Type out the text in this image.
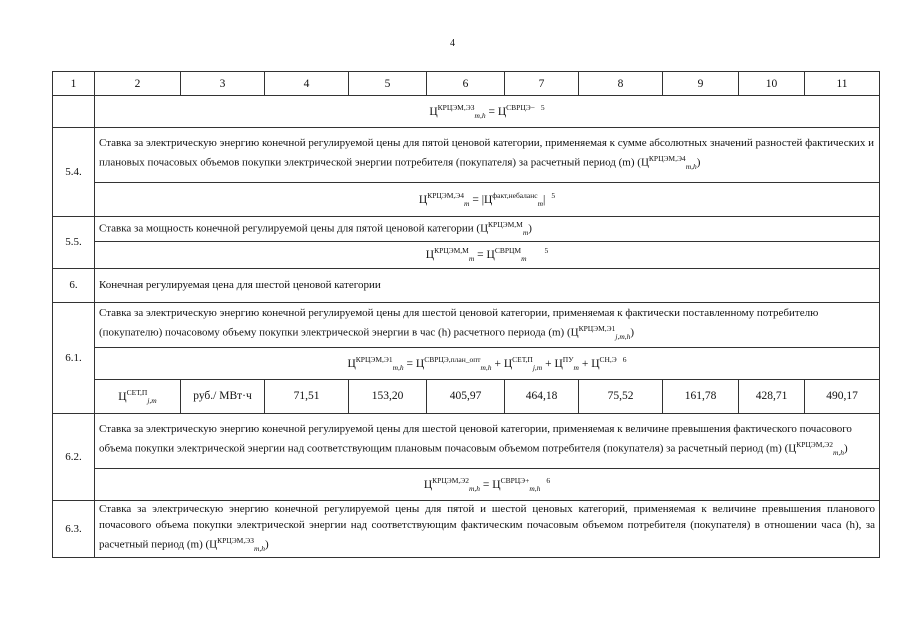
4
1	2	3	4	5	6	7	8	9	10	11
	$Ц^{КРЦЭМ,ЭЗ}_{m,h} = Ц^{СВРЦЭ-}$ $^5$
5.4.	Ставка за электрическую энергию конечной регулируемой цены для пятой ценовой категории, применяемая к сумме абсолютных значений разностей фактических и плановых почасовых объемов покупки электрической энергии потребителя (покупателя) за расчетный период (m) $(Ц^{КРЦЭМ,Э4}_{m,h})$									
	$Ц^{КРЦЭМ,Э4}_m = |Ц^{факт,небаланс}_m|$ $^5$
5.5.	Ставка за мощность конечной регулируемой цены для пятой ценовой категории $(Ц^{КРЦЭМ,М}_m)$									
	$Ц^{КРЦЭМ,М}_m = Ц^{СВРЦМ}_m^5$
6.	Конечная регулируемая цена для шестой ценовой категории									
6.1.	Ставка за электрическую энергию конечной регулируемой цены для шестой ценовой категории, применяемая к фактически поставленному потребителю (покупателю) почасовому объему покупки электрической энергии в час (h) расчетного периода (m) $(Ц^{КРЦЭМ,Э1}_{j,m,h})$									
	$Ц^{КРЦЭМ,Э1}_{m,h} = Ц^{СВРЦЭ,план\_опт}_{m,h} + Ц^{СЕТ,П}_{j,m} + Ц^{ПУ}_m + Ц^{СН,Э}$ $^6$
	$Ц^{СЕТ,П}_{j,m}$	руб./ МВт·ч	71,51	153,20	405,97	464,18	75,52	161,78	428,71	490,17
6.2.	Ставка за электрическую энергию конечной регулируемой цены для шестой ценовой категории, применяемая к величине превышения фактического почасового объема покупки электрической энергии над соответствующим плановым почасовым объемом потребителя (покупателя) за расчетный период (m) $(Ц^{КРЦЭМ,Э2}_{m,h})$									
	$Ц^{КРЦЭМ,Э2}_{m,h} = Ц^{СВРЦЭ+}_{m,h}^6$
6.3.	Ставка за электрическую энергию конечной регулируемой цены для пятой и шестой ценовых категорий, применяемая к величине превышения планового почасового объема покупки электрической энергии над соответствующим фактическим почасовым объемом потребителя (покупателя) в отношении часа (h), за расчетный период (m) $(Ц^{КРЦЭМ,ЭЗ}_{m,h})$									
